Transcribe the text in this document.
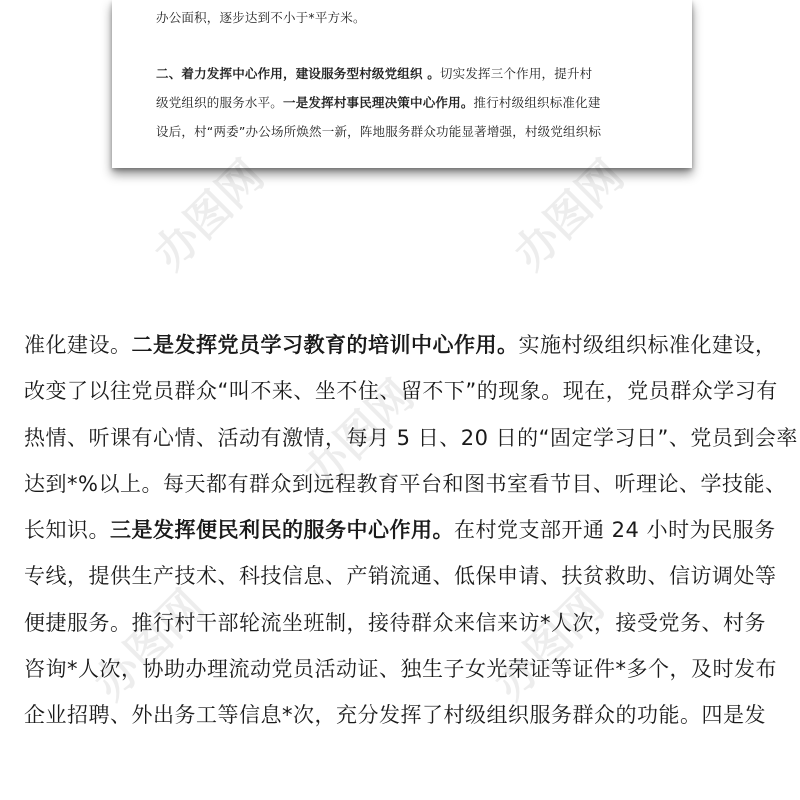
办公面积，逐步达到不小于*平方米。

二、着力发挥中心作用，建设服务型村级党组织 。切实发挥三个作用，提升村
级党组织的服务水平。一是发挥村事民理决策中心作用。推行村级组织标准化建
设后，村“两委”办公场所焕然一新，阵地服务群众功能显著增强，村级党组织标

办图网	办图网
办图网
办图网	办图网
准化建设。二是发挥党员学习教育的培训中心作用。实施村级组织标准化建设，
改变了以往党员群众“叫不来、坐不住、留不下”的现象。现在，党员群众学习有
热情、听课有心情、活动有激情，每月 5 日、20 日的“固定学习日”、党员到会率
达到*%以上。每天都有群众到远程教育平台和图书室看节目、听理论、学技能、
长知识。三是发挥便民利民的服务中心作用。在村党支部开通 24 小时为民服务
专线，提供生产技术、科技信息、产销流通、低保申请、扶贫救助、信访调处等
便捷服务。推行村干部轮流坐班制，接待群众来信来访*人次，接受党务、村务
咨询*人次，协助办理流动党员活动证、独生子女光荣证等证件*多个，及时发布
企业招聘、外出务工等信息*次，充分发挥了村级组织服务群众的功能。四是发
